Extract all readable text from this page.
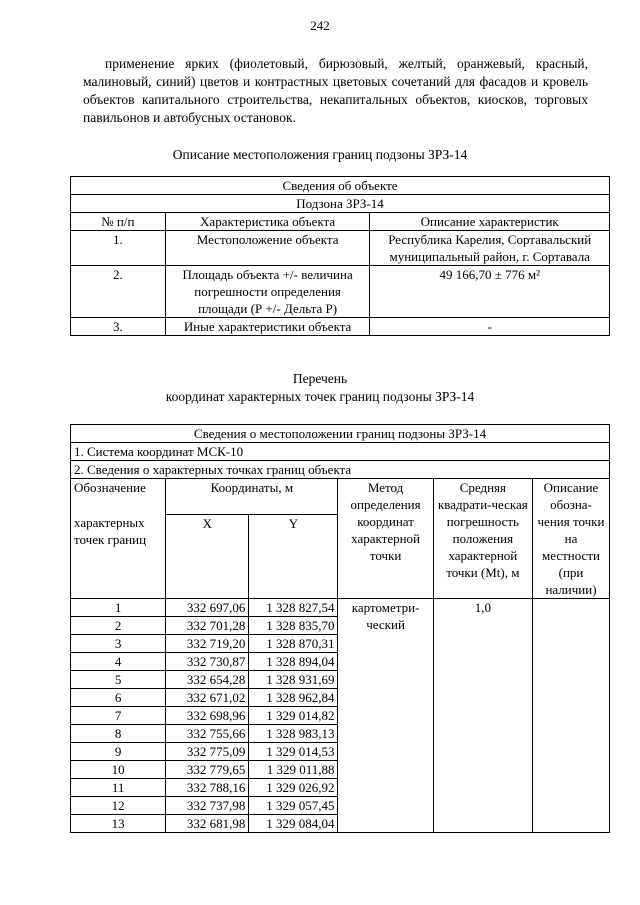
242
применение ярких (фиолетовый, бирюзовый, желтый, оранжевый, красный, малиновый, синий) цветов и контрастных цветовых сочетаний для фасадов и кровель объектов капитального строительства, некапитальных объектов, киосков, торговых павильонов и автобусных остановок.
Описание местоположения границ подзоны ЗРЗ-14
Сведения об объекте		
Подзона ЗРЗ-14		
№ п/п	Характеристика объекта	Описание характеристик
1.	Местоположение объекта	Республика Карелия, Сортавальский муниципальный район, г. Сортавала
2.	Площадь объекта +/- величина погрешности определения площади (Р +/- Дельта Р)	49 166,70 ± 776 м²
3.	Иные характеристики объекта	-
Перечень
координат характерных точек границ подзоны ЗРЗ-14
Сведения о местоположении границ подзоны ЗРЗ-14					
1. Система координат МСК-10					
2. Сведения о характерных точках границ объекта					
Обозначение	Координаты, м		Метод определения координат характерной точки	Средняя квадрати-ческая погрешность положения характерной точки (Mt), м	Описание обозна-чения точки на местности (при наличии)
характерных точек границ	X	Y			
1	332 697,06	1 328 827,54	картометри-ческий	1,0	
2	332 701,28	1 328 835,70			
3	332 719,20	1 328 870,31			
4	332 730,87	1 328 894,04			
5	332 654,28	1 328 931,69			
6	332 671,02	1 328 962,84			
7	332 698,96	1 329 014,82			
8	332 755,66	1 328 983,13			
9	332 775,09	1 329 014,53			
10	332 779,65	1 329 011,88			
11	332 788,16	1 329 026,92			
12	332 737,98	1 329 057,45			
13	332 681,98	1 329 084,04			
